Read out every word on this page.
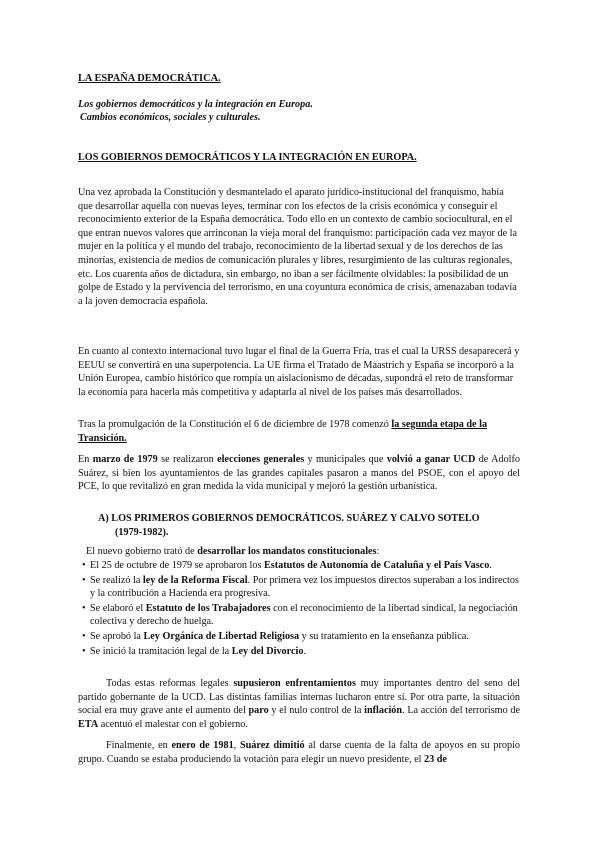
LA ESPAÑA DEMOCRÁTICA.

Los gobiernos democráticos y la integración en Europa.

Cambios económicos, sociales y culturales.

LOS GOBIERNOS DEMOCRÁTICOS Y LA INTEGRACIÓN EN EUROPA.

Una vez aprobada la Constitución y desmantelado el aparato jurídico-institucional del franquismo, había que desarrollar aquella con nuevas leyes, terminar con los efectos de la crisis económica y conseguir el reconocimiento exterior de la España democrática. Todo ello en un contexto de cambio sociocultural, en el que entran nuevos valores que arrinconan la vieja moral del franquismo: participación cada vez mayor de la mujer en la política y el mundo del trabajo, reconocimiento de la libertad sexual y de los derechos de las minorías, existencia de medios de comunicación plurales y libres, resurgimiento de las culturas regionales, etc. Los cuarenta años de dictadura, sin embargo, no iban a ser fácilmente olvidables: la posibilidad de un golpe de Estado y la pervivencia del terrorismo, en una coyuntura económica de crisis, amenazaban todavía a la joven democracia española.

En cuanto al contexto internacional tuvo lugar el final de la Guerra Fría, tras el cual la URSS desaparecerá y EEUU se convertirá en una superpotencia. La UE firma el Tratado de Maastrich y España se incorporó a la Unión Europea, cambio histórico que rompía un aislacionismo de décadas, supondrá el reto de transformar la economía para hacerla más competitiva y adaptarla al nivel de los países más desarrollados.

Tras la promulgación de la Constitución el 6 de diciembre de 1978 comenzó la segunda etapa de la Transición.

En marzo de 1979 se realizaron elecciones generales y municipales que volvió a ganar UCD de Adolfo Suárez, si bien los ayuntamientos de las grandes capitales pasaron a manos del PSOE, con el apoyo del PCE, lo que revitalizó en gran medida la vida municipal y mejoró la gestión urbanística.

A) LOS PRIMEROS GOBIERNOS DEMOCRÁTICOS. SUÁREZ Y CALVO SOTELO
(1979-1982).

El nuevo gobierno trató de desarrollar los mandatos constitucionales:

• El 25 de octubre de 1979 se aprobaron los Estatutos de Autonomía de Cataluña y el País Vasco.
• Se realizó la ley de la Reforma Fiscal. Por primera vez los impuestos directos superaban a los indirectos y la contribución a Hacienda era progresiva.
• Se elaboró el Estatuto de los Trabajadores con el reconocimiento de la libertad sindical, la negociación colectiva y derecho de huelga.
• Se aprobó la Ley Orgánica de Libertad Religiosa y su tratamiento en la enseñanza pública.
• Se inició la tramitación legal de la Ley del Divorcio.

Todas estas reformas legales supusieron enfrentamientos muy importantes dentro del seno del partido gobernante de la UCD. Las distintas familias internas lucharon entre sí. Por otra parte, la situación social era muy grave ante el aumento del paro y el nulo control de la inflación. La acción del terrorismo de ETA acentuó el malestar con el gobierno.

Finalmente, en enero de 1981, Suárez dimitió al darse cuenta de la falta de apoyos en su propio grupo. Cuando se estaba produciendo la votación para elegir un nuevo presidente, el 23 de
